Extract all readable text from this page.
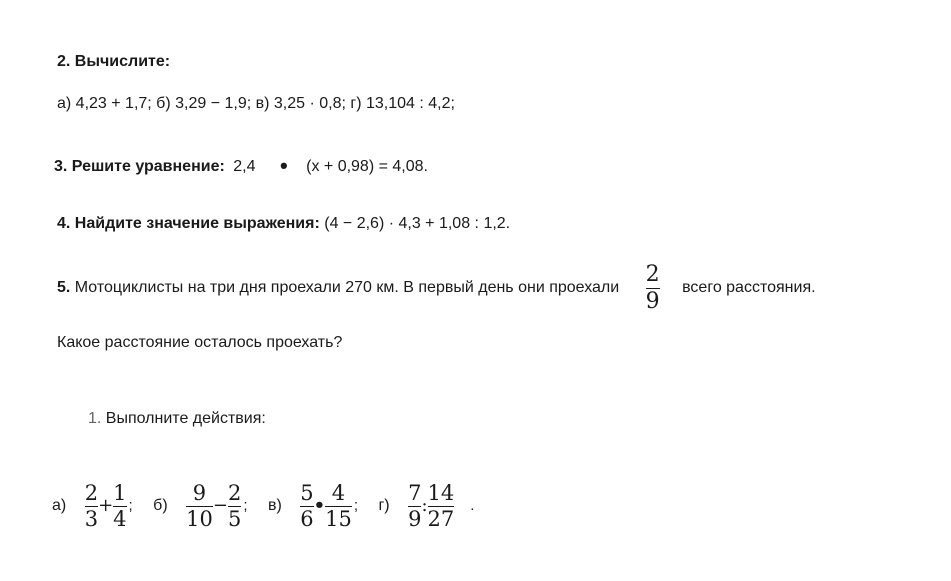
2. Вычислите:
а) 4,23 + 1,7; б) 3,29 − 1,9; в) 3,25 · 0,8; г) 13,104 : 4,2;
3. Решите уравнение: 2,4 • (x + 0,98) = 4,08.
4. Найдите значение выражения: (4 − 2,6) · 4,3 + 1,08 : 1,2.
5. Мотоциклисты на три дня проехали 270 км. В первый день они проехали $\frac{2}{9}$ всего расстояния.
Какое расстояние осталось проехать?
1. Выполните действия:
$а) \frac{2}{3} + \frac{1}{4}$ ; $б) \frac{9}{10} - \frac{2}{5}$ ; $в) \frac{5}{6}$ • $\frac{4}{15}$ ; $г) \frac{7}{9}$ : $\frac{14}{27}$ .
